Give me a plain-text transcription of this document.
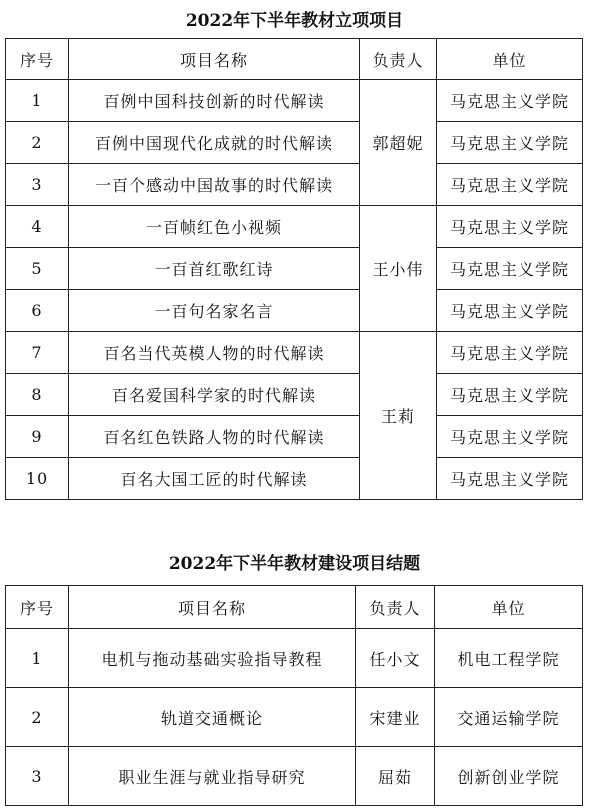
2022年下半年教材立项项目
序号	项目名称	负责人	单位
1	百例中国科技创新的时代解读	郭超妮	马克思主义学院
2	百例中国现代化成就的时代解读		马克思主义学院
3	一百个感动中国故事的时代解读		马克思主义学院
4	一百帧红色小视频	王小伟	马克思主义学院
5	一百首红歌红诗		马克思主义学院
6	一百句名家名言		马克思主义学院
7	百名当代英模人物的时代解读	王莉	马克思主义学院
8	百名爱国科学家的时代解读		马克思主义学院
9	百名红色铁路人物的时代解读		马克思主义学院
10	百名大国工匠的时代解读		马克思主义学院
2022年下半年教材建设项目结题
序号	项目名称	负责人	单位
1	电机与拖动基础实验指导教程	任小文	机电工程学院
2	轨道交通概论	宋建业	交通运输学院
3	职业生涯与就业指导研究	屈茹	创新创业学院
